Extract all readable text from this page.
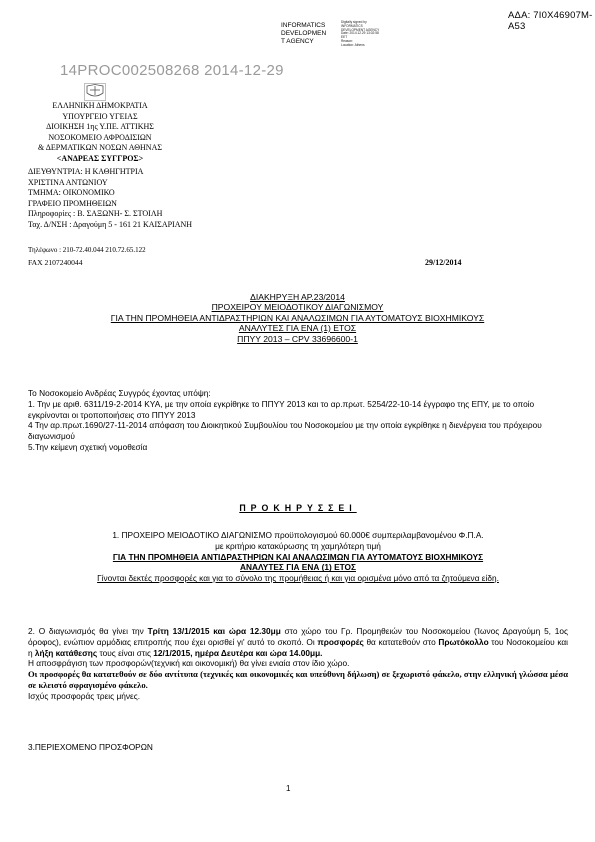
ΑΔΑ: 7Ι0Χ46907Μ-Α53
INFORMATICS
DEVELOPMEN
T AGENCY
Digitally signed by
INFORMATICS
DEVELOPMENT AGENCY
Date: 2014.12.29 13:02:58
EET
Reason:
Location: Athens
14PROC002508268 2014-12-29
ΕΛΛΗΝΙΚΗ ΔΗΜΟΚΡΑΤΙΑ
ΥΠΟΥΡΓΕΙΟ ΥΓΕΙΑΣ
ΔΙΟΙΚΗΣΗ 1ης Υ.ΠΕ. ΑΤΤΙΚΗΣ
ΝΟΣΟΚΟΜΕΙΟ ΑΦΡΟΔΙΣΙΩΝ
& ΔΕΡΜΑΤΙΚΩΝ ΝΟΣΩΝ ΑΘΗΝΑΣ
<ΑΝΔΡΕΑΣ ΣΥΓΓΡΟΣ>
ΔΙΕΥΘΥΝΤΡΙΑ: Η ΚΑΘΗΓΗΤΡΙΑ
ΧΡΙΣΤΙΝΑ ΑΝΤΩΝΙΟΥ
ΤΜΗΜΑ: ΟΙΚΟΝΟΜΙΚΟ
ΓΡΑΦΕΙΟ ΠΡΟΜΗΘΕΙΩΝ
Πληροφορίες : Β. ΣΑΞΩΝΗ- Σ. ΣΤΟΙΛΗ
Ταχ. Δ/ΝΣΗ : Δραγούμη 5 - 161 21 ΚΑΙΣΑΡΙΑΝΗ
Τηλέφωνο : 210-72.40.044 210.72.65.122
FAX 2107240044	29/12/2014
ΔΙΑΚΗΡΥΞΗ ΑΡ.23/2014
ΠΡΟΧΕΙΡΟΥ ΜΕΙΟΔΟΤΙΚΟΥ ΔΙΑΓΩΝΙΣΜΟΥ
ΓΙΑ ΤΗΝ ΠΡΟΜΗΘΕΙΑ ΑΝΤΙΔΡΑΣΤΗΡΙΩΝ ΚΑΙ ΑΝΑΛΩΣΙΜΩΝ ΓΙΑ ΑΥΤΟΜΑΤΟΥΣ ΒΙΟΧΗΜΙΚΟΥΣ
ΑΝΑΛΥΤΕΣ ΓΙΑ ΕΝΑ (1) ΕΤΟΣ
ΠΠΥΥ 2013 – CPV 33696600-1
Το Νοσοκομείο Ανδρέας Συγγρός έχοντας υπόψη:
1. Την με αριθ. 6311/19-2-2014 ΚΥΑ, με την οποία εγκρίθηκε το ΠΠΥΥ 2013 και το αρ.πρωτ. 5254/22-10-14 έγγραφο της ΕΠΥ, με το οποίο εγκρίνονται οι τροποποιήσεις στο ΠΠΥΥ 2013
4 Την αρ.πρωτ.1690/27-11-2014 απόφαση του Διοικητικού Συμβουλίου του Νοσοκομείου με την οποία εγκρίθηκε η διενέργεια του πρόχειρου διαγωνισμού
5.Την κείμενη σχετική νομοθεσία
ΠΡΟΚΗΡΥΣΣΕΙ
1. ΠΡΟΧΕΙΡΟ ΜΕΙΟΔΟΤΙΚΟ ΔΙΑΓΩΝΙΣΜΟ προϋπολογισμού 60.000€ συμπεριλαμβανομένου Φ.Π.Α.
με κριτήριο κατακύρωσης τη χαμηλότερη τιμή
ΓΙΑ ΤΗΝ ΠΡΟΜΗΘΕΙΑ ΑΝΤΙΔΡΑΣΤΗΡΙΩΝ ΚΑΙ ΑΝΑΛΩΣΙΜΩΝ ΓΙΑ ΑΥΤΟΜΑΤΟΥΣ ΒΙΟΧΗΜΙΚΟΥΣ
ΑΝΑΛΥΤΕΣ ΓΙΑ ΕΝΑ (1) ΕΤΟΣ
Γίνονται δεκτές προσφορές και για το σύνολο της προμήθειας ή και για ορισμένα μόνο από τα ζητούμενα είδη.
2. Ο διαγωνισμός θα γίνει την Τρίτη 13/1/2015 και ώρα 12.30μμ στο χώρο του Γρ. Προμηθειών του Νοσοκομείου (Ίωνος Δραγούμη 5, 1ος όροφος), ενώπιον αρμόδιας επιτροπής που έχει ορισθεί γι' αυτό το σκοπό. Οι προσφορές θα κατατεθούν στο Πρωτόκολλο του Νοσοκομείου και η λήξη κατάθεσης τους είναι στις 12/1/2015, ημέρα Δευτέρα και ώρα 14.00μμ.
Η αποσφράγιση των προσφορών(τεχνική και οικονομική) θα γίνει ενιαία στον ίδιο χώρο.
Οι προσφορές θα κατατεθούν σε δύο αντίτυπα (τεχνικές και οικονομικές και υπεύθυνη δήλωση) σε ξεχωριστό φάκελο, στην ελληνική γλώσσα μέσα σε κλειστό σφραγισμένο φάκελο.
Ισχύς προσφοράς τρεις μήνες.
3.ΠΕΡΙΕΧΟΜΕΝΟ ΠΡΟΣΦΟΡΩΝ
1
